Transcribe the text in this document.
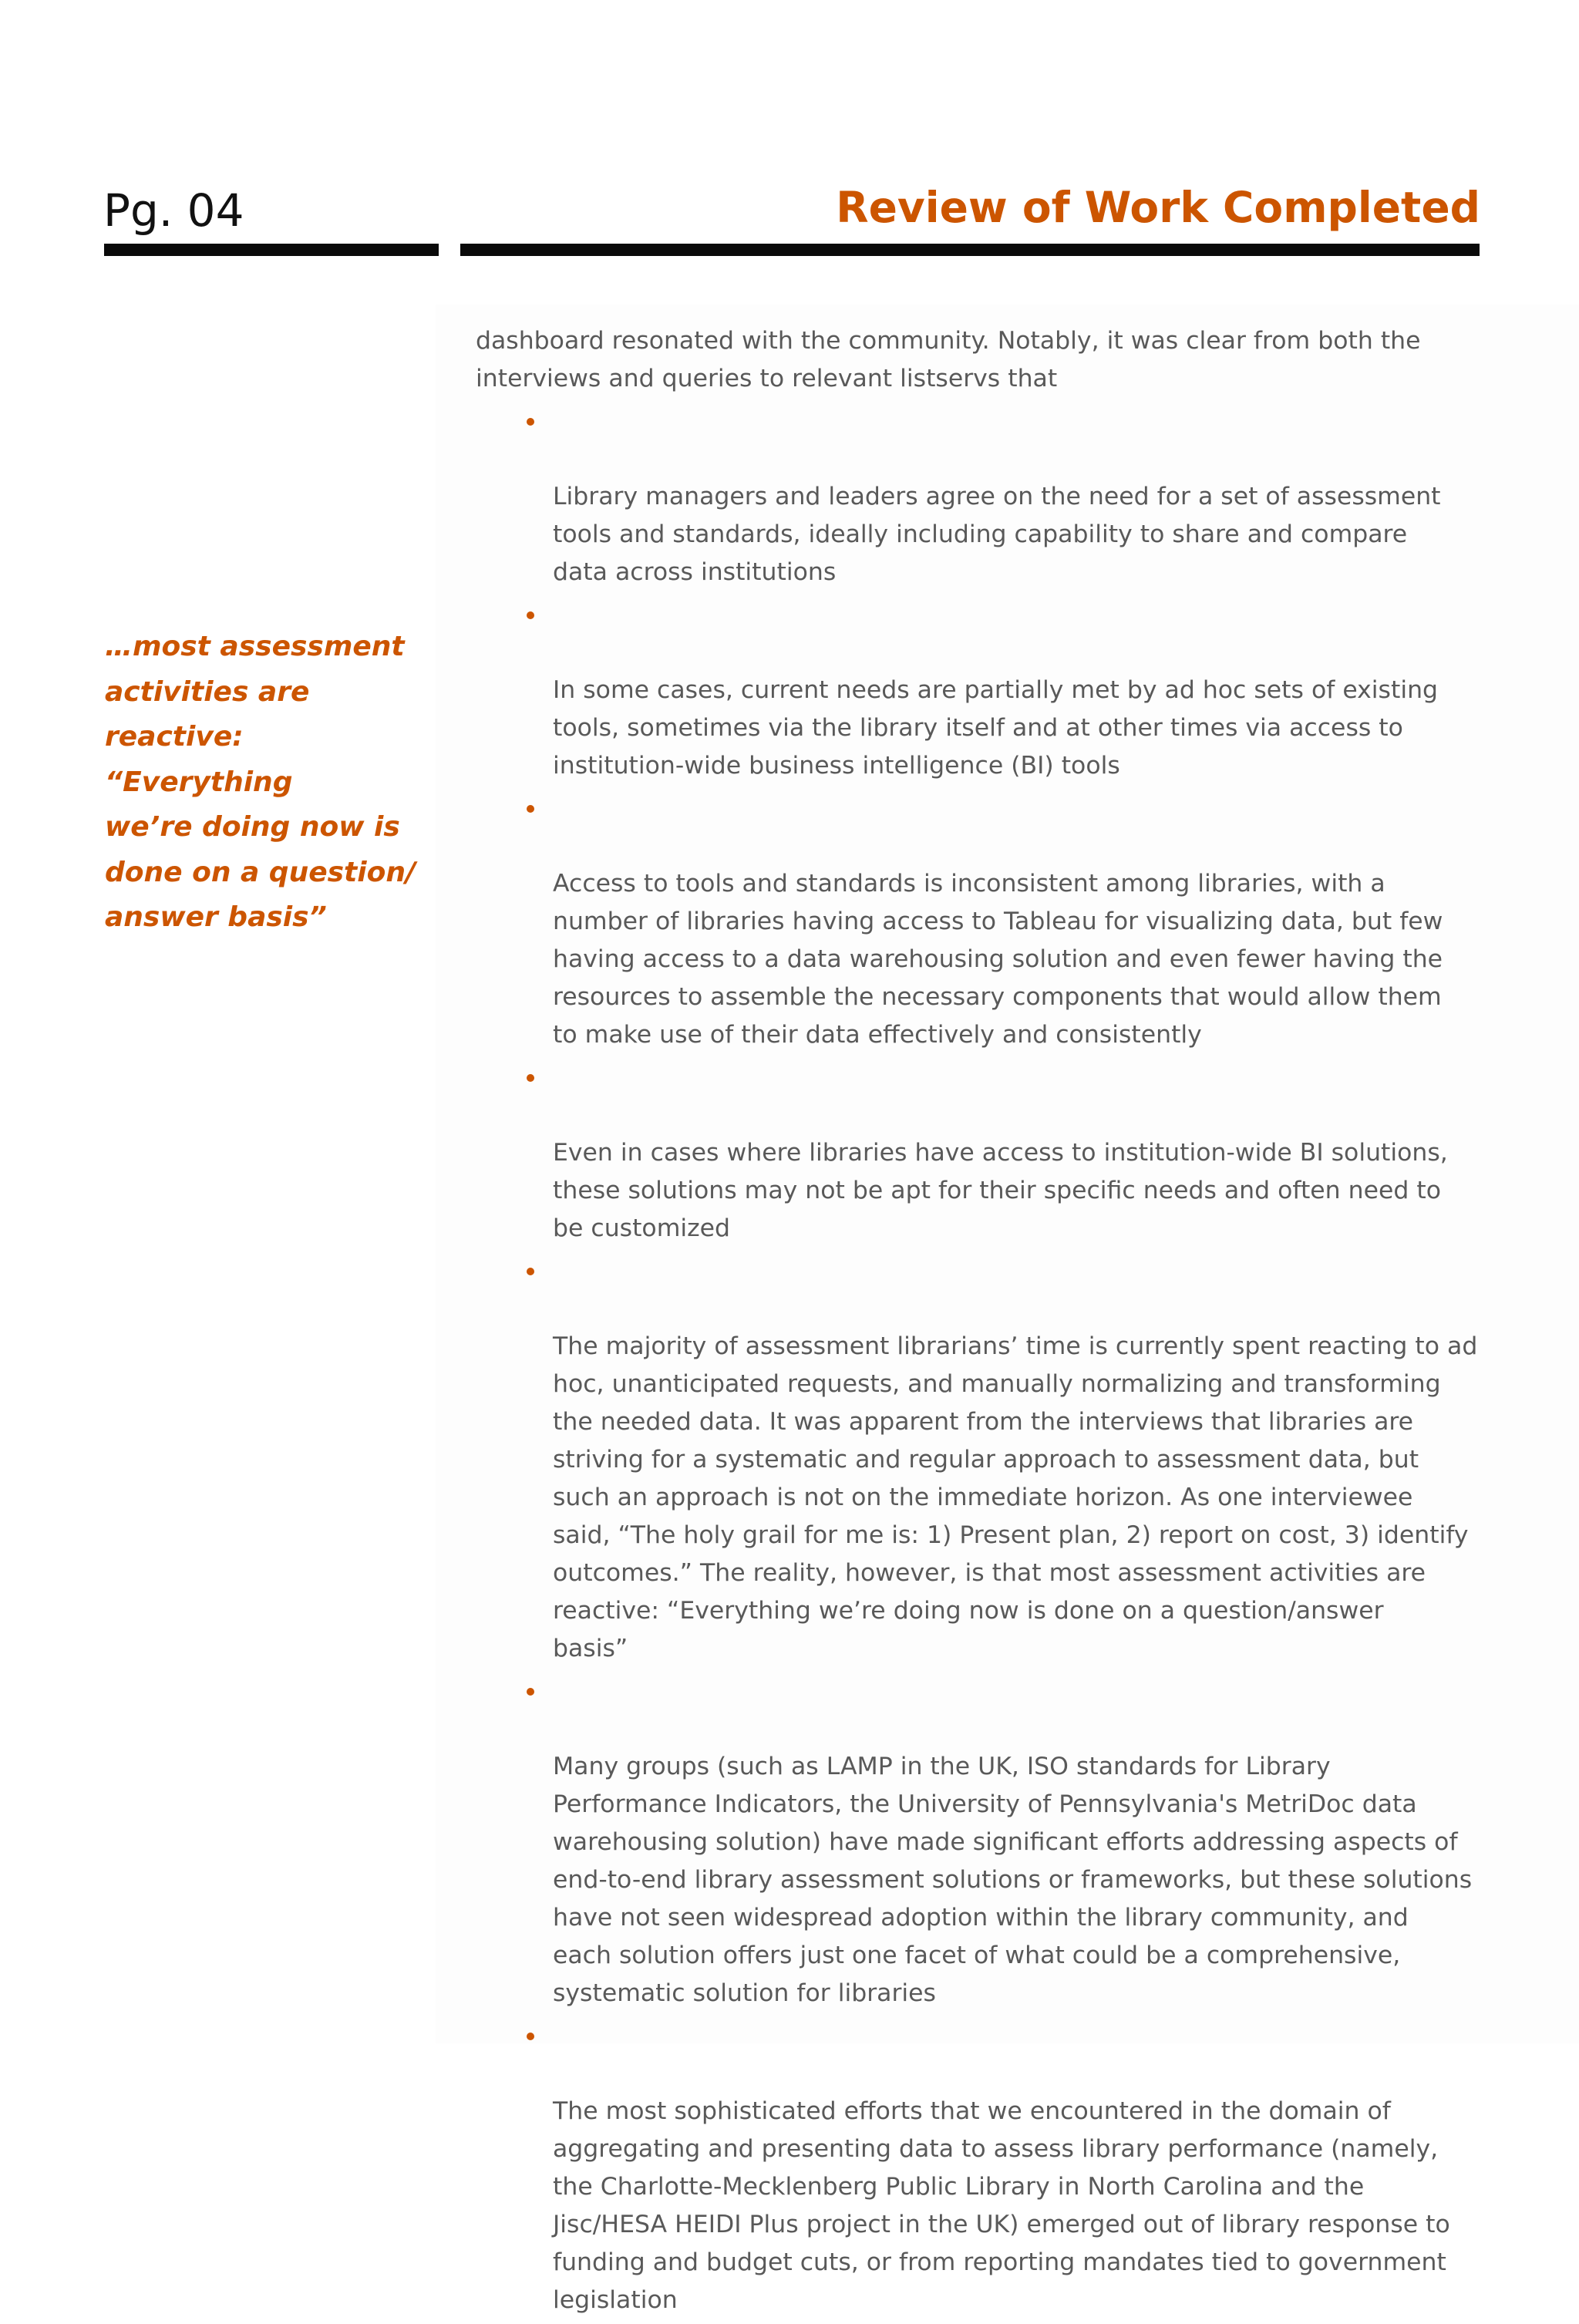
Pg. 04	Review of Work Completed
…most assessment
activities are
reactive: “Everything
we’re doing now is
done on a question/
answer basis”

dashboard resonated with the community. Notably, it was clear from both the
interviews and queries to relevant listservs that

Library managers and leaders agree on the need for a set of assessment
tools and standards, ideally including capability to share and compare
data across institutions

In some cases, current needs are partially met by ad hoc sets of existing
tools, sometimes via the library itself and at other times via access to
institution-wide business intelligence (BI) tools

Access to tools and standards is inconsistent among libraries, with a
number of libraries having access to Tableau for visualizing data, but few
having access to a data warehousing solution and even fewer having the
resources to assemble the necessary components that would allow them
to make use of their data effectively and consistently

Even in cases where libraries have access to institution-wide BI solutions,
these solutions may not be apt for their specific needs and often need to
be customized

The majority of assessment librarians’ time is currently spent reacting to ad
hoc, unanticipated requests, and manually normalizing and transforming
the needed data. It was apparent from the interviews that libraries are
striving for a systematic and regular approach to assessment data, but
such an approach is not on the immediate horizon. As one interviewee
said, “The holy grail for me is: 1) Present plan, 2) report on cost, 3) identify
outcomes.” The reality, however, is that most assessment activities are
reactive: “Everything we’re doing now is done on a question/answer
basis”

Many groups (such as LAMP in the UK, ISO standards for Library
Performance Indicators, the University of Pennsylvania's MetriDoc data
warehousing solution) have made significant efforts addressing aspects of
end-to-end library assessment solutions or frameworks, but these solutions
have not seen widespread adoption within the library community, and
each solution offers just one facet of what could be a comprehensive,
systematic solution for libraries

The most sophisticated efforts that we encountered in the domain of
aggregating and presenting data to assess library performance (namely,
the Charlotte-Mecklenberg Public Library in North Carolina and the
Jisc/HESA HEIDI Plus project in the UK) emerged out of library response to
funding and budget cuts, or from reporting mandates tied to government
legislation
